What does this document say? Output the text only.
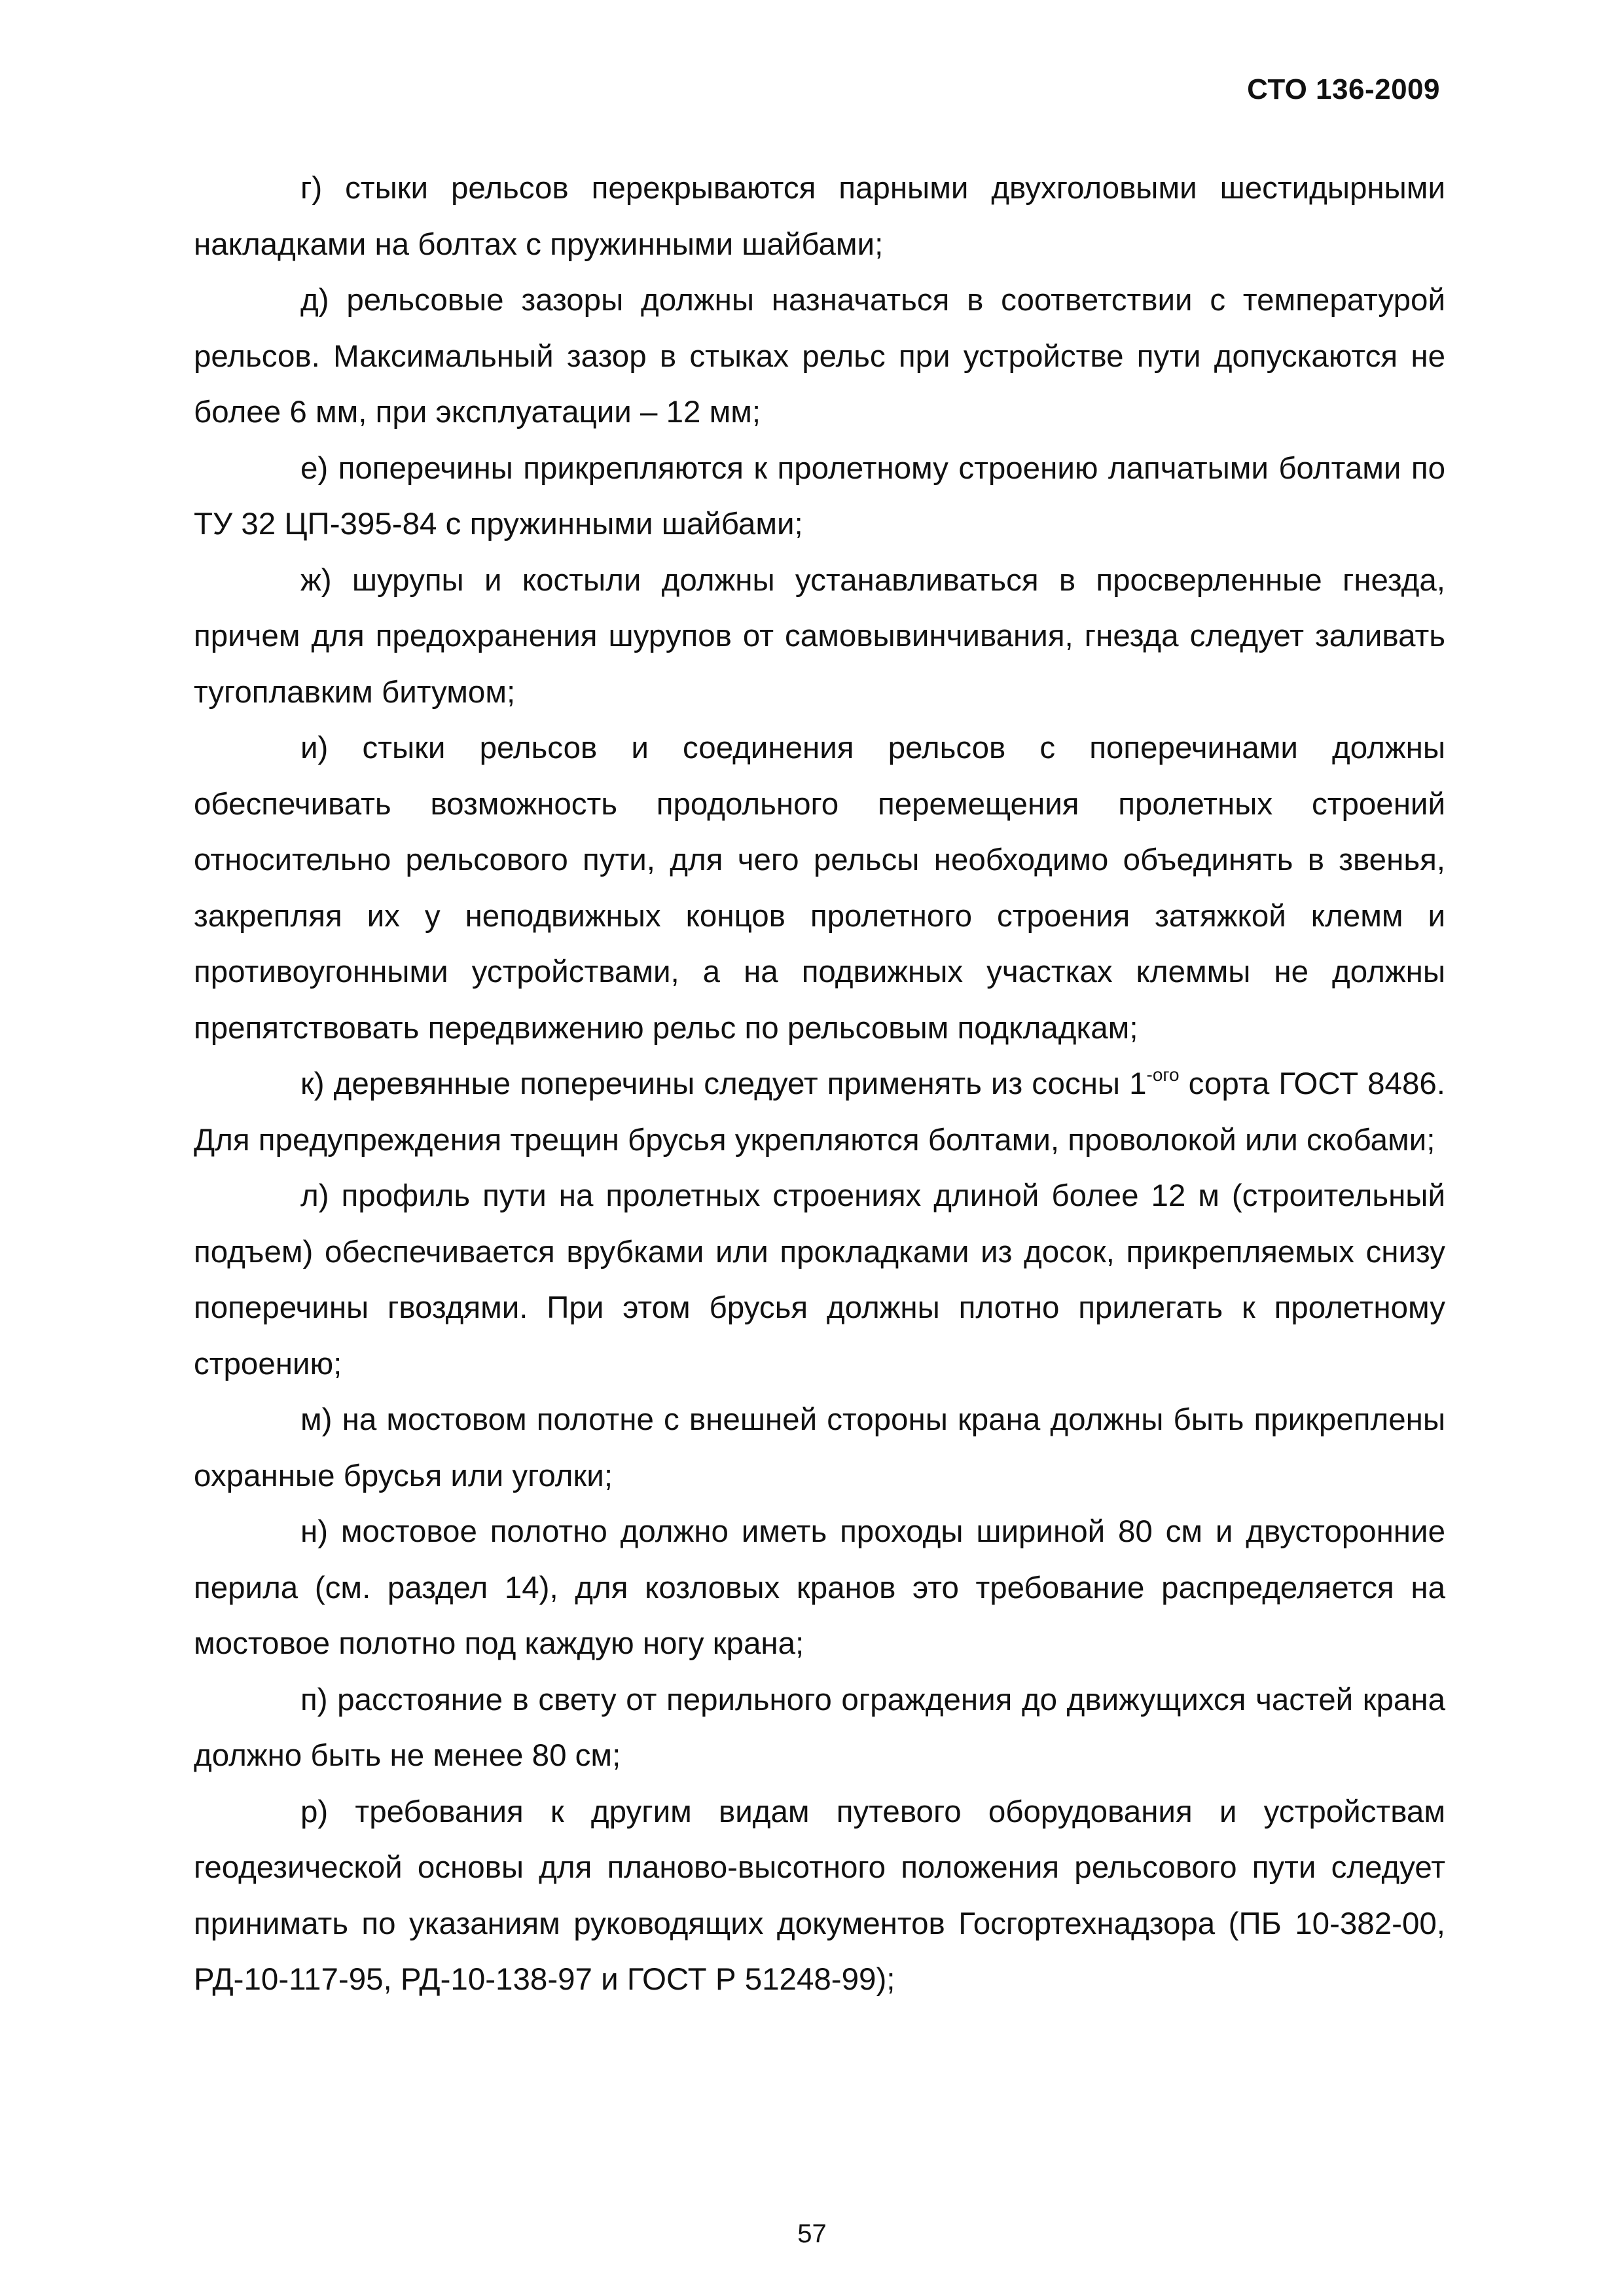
СТО 136-2009

г) стыки рельсов перекрываются парными двухголовыми шестидырными накладками на болтах с пружинными шайбами;

д) рельсовые зазоры должны назначаться в соответствии с температурой рельсов. Максимальный зазор в стыках рельс при устройстве пути допускаются не более 6 мм, при эксплуатации – 12 мм;

е) поперечины прикрепляются к пролетному строению лапчатыми болтами по ТУ 32 ЦП-395-84 с пружинными шайбами;

ж) шурупы и костыли должны устанавливаться в просверленные гнезда, причем для предохранения шурупов от самовывинчивания, гнезда следует заливать тугоплавким битумом;

и) стыки рельсов и соединения рельсов с поперечинами должны обеспечивать возможность продольного перемещения пролетных строений относительно рельсового пути, для чего рельсы необходимо объединять в звенья, закрепляя их у неподвижных концов пролетного строения затяжкой клемм и противоугонными устройствами, а на подвижных участках клеммы не должны препятствовать передвижению рельс по рельсовым подкладкам;

к) деревянные поперечины следует применять из сосны $1^{-ого}$ сорта ГОСТ 8486. Для предупреждения трещин брусья укрепляются болтами, проволокой или скобами;

л) профиль пути на пролетных строениях длиной более 12 м (строительный подъем) обеспечивается врубками или прокладками из досок, прикрепляемых снизу поперечины гвоздями. При этом брусья должны плотно прилегать к пролетному строению;

м) на мостовом полотне с внешней стороны крана должны быть прикреплены охранные брусья или уголки;

н) мостовое полотно должно иметь проходы шириной 80 см и двусторонние перила (см. раздел 14), для козловых кранов это требование распределяется на мостовое полотно под каждую ногу крана;

п) расстояние в свету от перильного ограждения до движущихся частей крана должно быть не менее 80 см;

р) требования к другим видам путевого оборудования и устройствам геодезической основы для планово-высотного положения рельсового пути следует принимать по указаниям руководящих документов Госгортехнадзора (ПБ 10-382-00, РД-10-117-95, РД-10-138-97 и ГОСТ Р 51248-99);

57
